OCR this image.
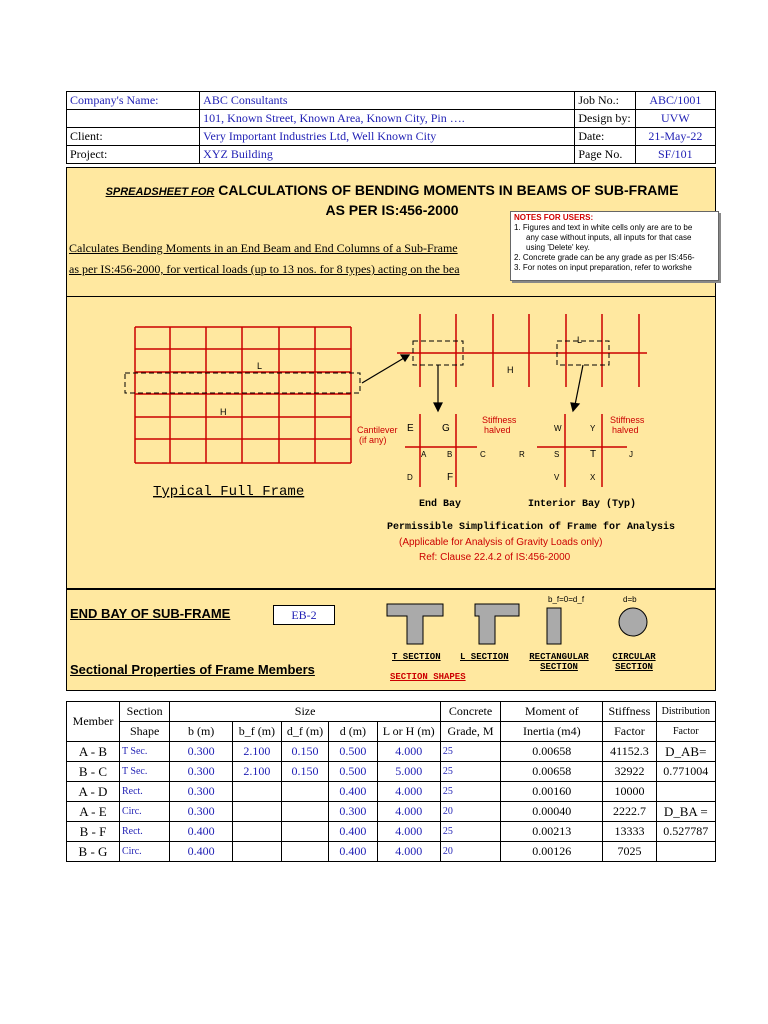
Company's Name:	ABC Consultants	Job No.:	ABC/1001
	101, Known Street, Known Area, Known City, Pin ….	Design by:	UVW
Client:	Very Important Industries Ltd, Well Known City	Date:	21-May-22
Project:	XYZ Building	Page No.	SF/101
SPREADSHEET FOR CALCULATIONS OF BENDING MOMENTS IN BEAMS OF SUB-FRAME
AS PER IS:456-2000
Calculates Bending Moments in an End Beam and End Columns of a Sub-Frame
as per IS:456-2000, for vertical loads (up to 13 nos. for 8 types) acting on the bea
NOTES FOR USERS:
1. Figures and text in white cells only are are to be
any case without inputs, all inputs for that case
using 'Delete' key.
2. Concrete grade can be any grade as per IS:456-
3. For notes on input preparation, refer to workshe
L
H
H
L
E	G
A	B	C
D	F
W	Y
R	S	T	J
V	X
Cantilever
(if any)
Stiffness
halved
Stiffness
halved
Typical Full Frame
End Bay	Interior Bay (Typ)
Permissible Simplification of Frame for Analysis
(Applicable for Analysis of Gravity Loads only)
Ref: Clause 22.4.2 of IS:456-2000
END BAY OF SUB-FRAME	EB-2
Sectional Properties of Frame Members
b_f=0=d_f	d=b
T SECTION L SECTION	RECTANGULAR SECTION
CIRCULAR SECTION
SECTION SHAPES
Member	Section	Size					Concrete	Moment of	Stiffness	Distribution
	Shape	b (m)	b_f (m)	d_f (m)	d (m)	L or H (m)	Grade, M	Inertia (m4)	Factor	Factor
A - B	T Sec.	0.300	2.100	0.150	0.500	4.000	25	0.00658	41152.3	D_AB=
B - C	T Sec.	0.300	2.100	0.150	0.500	5.000	25	0.00658	32922	0.771004
A - D	Rect.	0.300			0.400	4.000	25	0.00160	10000	
A - E	Circ.	0.300			0.300	4.000	20	0.00040	2222.7	D_BA =
B - F	Rect.	0.400			0.400	4.000	25	0.00213	13333	0.527787
B - G	Circ.	0.400			0.400	4.000	20	0.00126	7025	
